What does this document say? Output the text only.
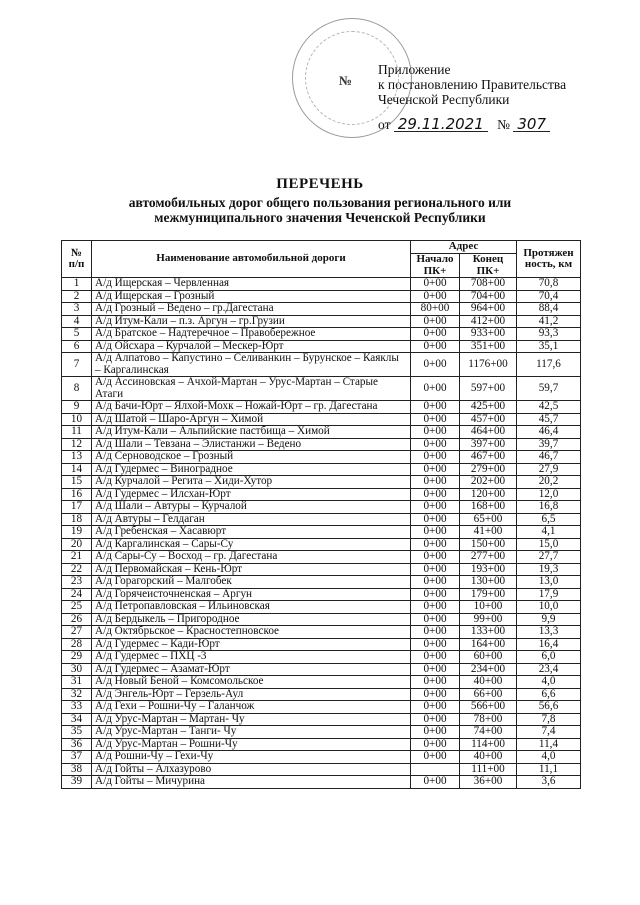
№
Приложение
к постановлению Правительства
Чеченской Республики
от 29.11.2021 № 307
ПЕРЕЧЕНЬ
автомобильных дорог общего пользования регионального или межмуниципального значения Чеченской Республики
№ п/п	Наименование автомобильной дороги	Адрес		Протяжен ность, км
		Начало ПК+	Конец ПК+	
1	А/д Ищерская – Червленная	0+00	708+00	70,8
2	А/д Ищерская – Грозный	0+00	704+00	70,4
3	А/д Грозный – Ведено – гр.Дагестана	80+00	964+00	88,4
4	А/д Итум-Кали – п.з. Аргун – гр.Грузии	0+00	412+00	41,2
5	А/д Братское – Надтеречное – Правобережное	0+00	933+00	93,3
6	А/д Ойсхара – Курчалой – Мескер-Юрт	0+00	351+00	35,1
7	А/д Алпатово – Капустино – Селиванкин – Бурунское – Каяклы – Каргалинская	0+00	1176+00	117,6
8	А/д Ассиновская – Ачхой-Мартан – Урус-Мартан – Старые Атаги	0+00	597+00	59,7
9	А/д Бачи-Юрт – Ялхой-Мохк – Ножай-Юрт – гр. Дагестана	0+00	425+00	42,5
10	А/д Шатой – Шаро-Аргун – Химой	0+00	457+00	45,7
11	А/д Итум-Кали – Альпийские пастбища – Химой	0+00	464+00	46,4
12	А/д Шали – Тевзана – Элистанжи – Ведено	0+00	397+00	39,7
13	А/д Серноводское – Грозный	0+00	467+00	46,7
14	А/д Гудермес – Виноградное	0+00	279+00	27,9
15	А/д Курчалой – Регита – Хиди-Хутор	0+00	202+00	20,2
16	А/д Гудермес – Илсхан-Юрт	0+00	120+00	12,0
17	А/д Шали – Автуры – Курчалой	0+00	168+00	16,8
18	А/д Автуры – Гелдаган	0+00	65+00	6,5
19	А/д Гребенская – Хасавюрт	0+00	41+00	4,1
20	А/д Каргалинская – Сары-Су	0+00	150+00	15,0
21	А/д Сары-Су – Восход – гр. Дагестана	0+00	277+00	27,7
22	А/д Первомайская – Кень-Юрт	0+00	193+00	19,3
23	А/д Горагорский – Малгобек	0+00	130+00	13,0
24	А/д Горячеисточненская – Аргун	0+00	179+00	17,9
25	А/д Петропавловская – Ильиновская	0+00	10+00	10,0
26	А/д Бердыкель – Пригородное	0+00	99+00	9,9
27	А/д Октябрьское – Красностепновское	0+00	133+00	13,3
28	А/д Гудермес – Кади-Юрт	0+00	164+00	16,4
29	А/д Гудермес – ПХЦ -3	0+00	60+00	6,0
30	А/д Гудермес – Азамат-Юрт	0+00	234+00	23,4
31	А/д Новый Беной – Комсомольское	0+00	40+00	4,0
32	А/д Энгель-Юрт – Герзель-Аул	0+00	66+00	6,6
33	А/д Гехи – Рошни-Чу – Галанчож	0+00	566+00	56,6
34	А/д Урус-Мартан – Мартан- Чу	0+00	78+00	7,8
35	А/д Урус-Мартан – Танги- Чу	0+00	74+00	7,4
36	А/д Урус-Мартан – Рошни-Чу	0+00	114+00	11,4
37	А/д Рошни-Чу – Гехи-Чу	0+00	40+00	4,0
38	А/д Гойты – Алхазурово		111+00	11,1
39	А/д Гойты – Мичурина	0+00	36+00	3,6
